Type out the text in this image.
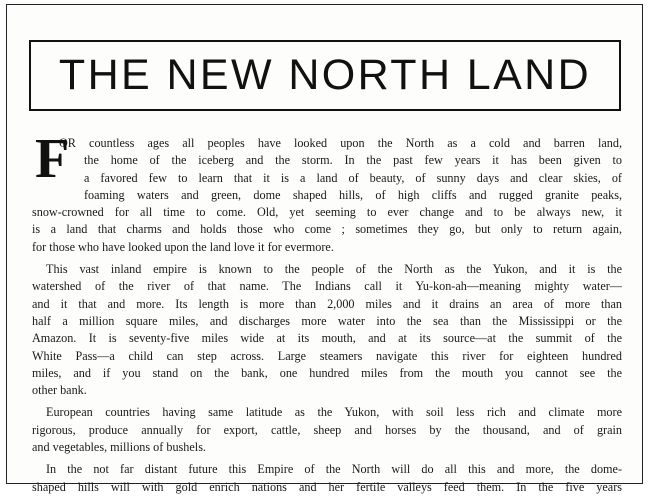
THE NEW NORTH LAND
F
OR countless ages all peoples have looked upon the North as a cold and barren land,
the home of the iceberg and the storm. In the past few years it has been given to
a favored few to learn that it is a land of beauty, of sunny days and clear skies, of
foaming waters and green, dome shaped hills, of high cliffs and rugged granite peaks,
snow-crowned for all time to come. Old, yet seeming to ever change and to be always new, it
is a land that charms and holds those who come ; sometimes they go, but only to return again,
for those who have looked upon the land love it for evermore.
This vast inland empire is known to the people of the North as the Yukon, and it is the
watershed of the river of that name. The Indians call it Yu-kon-ah—meaning mighty water—
and it that and more. Its length is more than 2,000 miles and it drains an area of more than
half a million square miles, and discharges more water into the sea than the Mississippi or the
Amazon. It is seventy-five miles wide at its mouth, and at its source—at the summit of the
White Pass—a child can step across. Large steamers navigate this river for eighteen hundred
miles, and if you stand on the bank, one hundred miles from the mouth you cannot see the
other bank.
European countries having same latitude as the Yukon, with soil less rich and climate more
rigorous, produce annually for export, cattle, sheep and horses by the thousand, and of grain
and vegetables, millions of bushels.
In the not far distant future this Empire of the North will do all this and more, the dome-
shaped hills will with gold enrich nations and her fertile valleys feed them. In the five years
